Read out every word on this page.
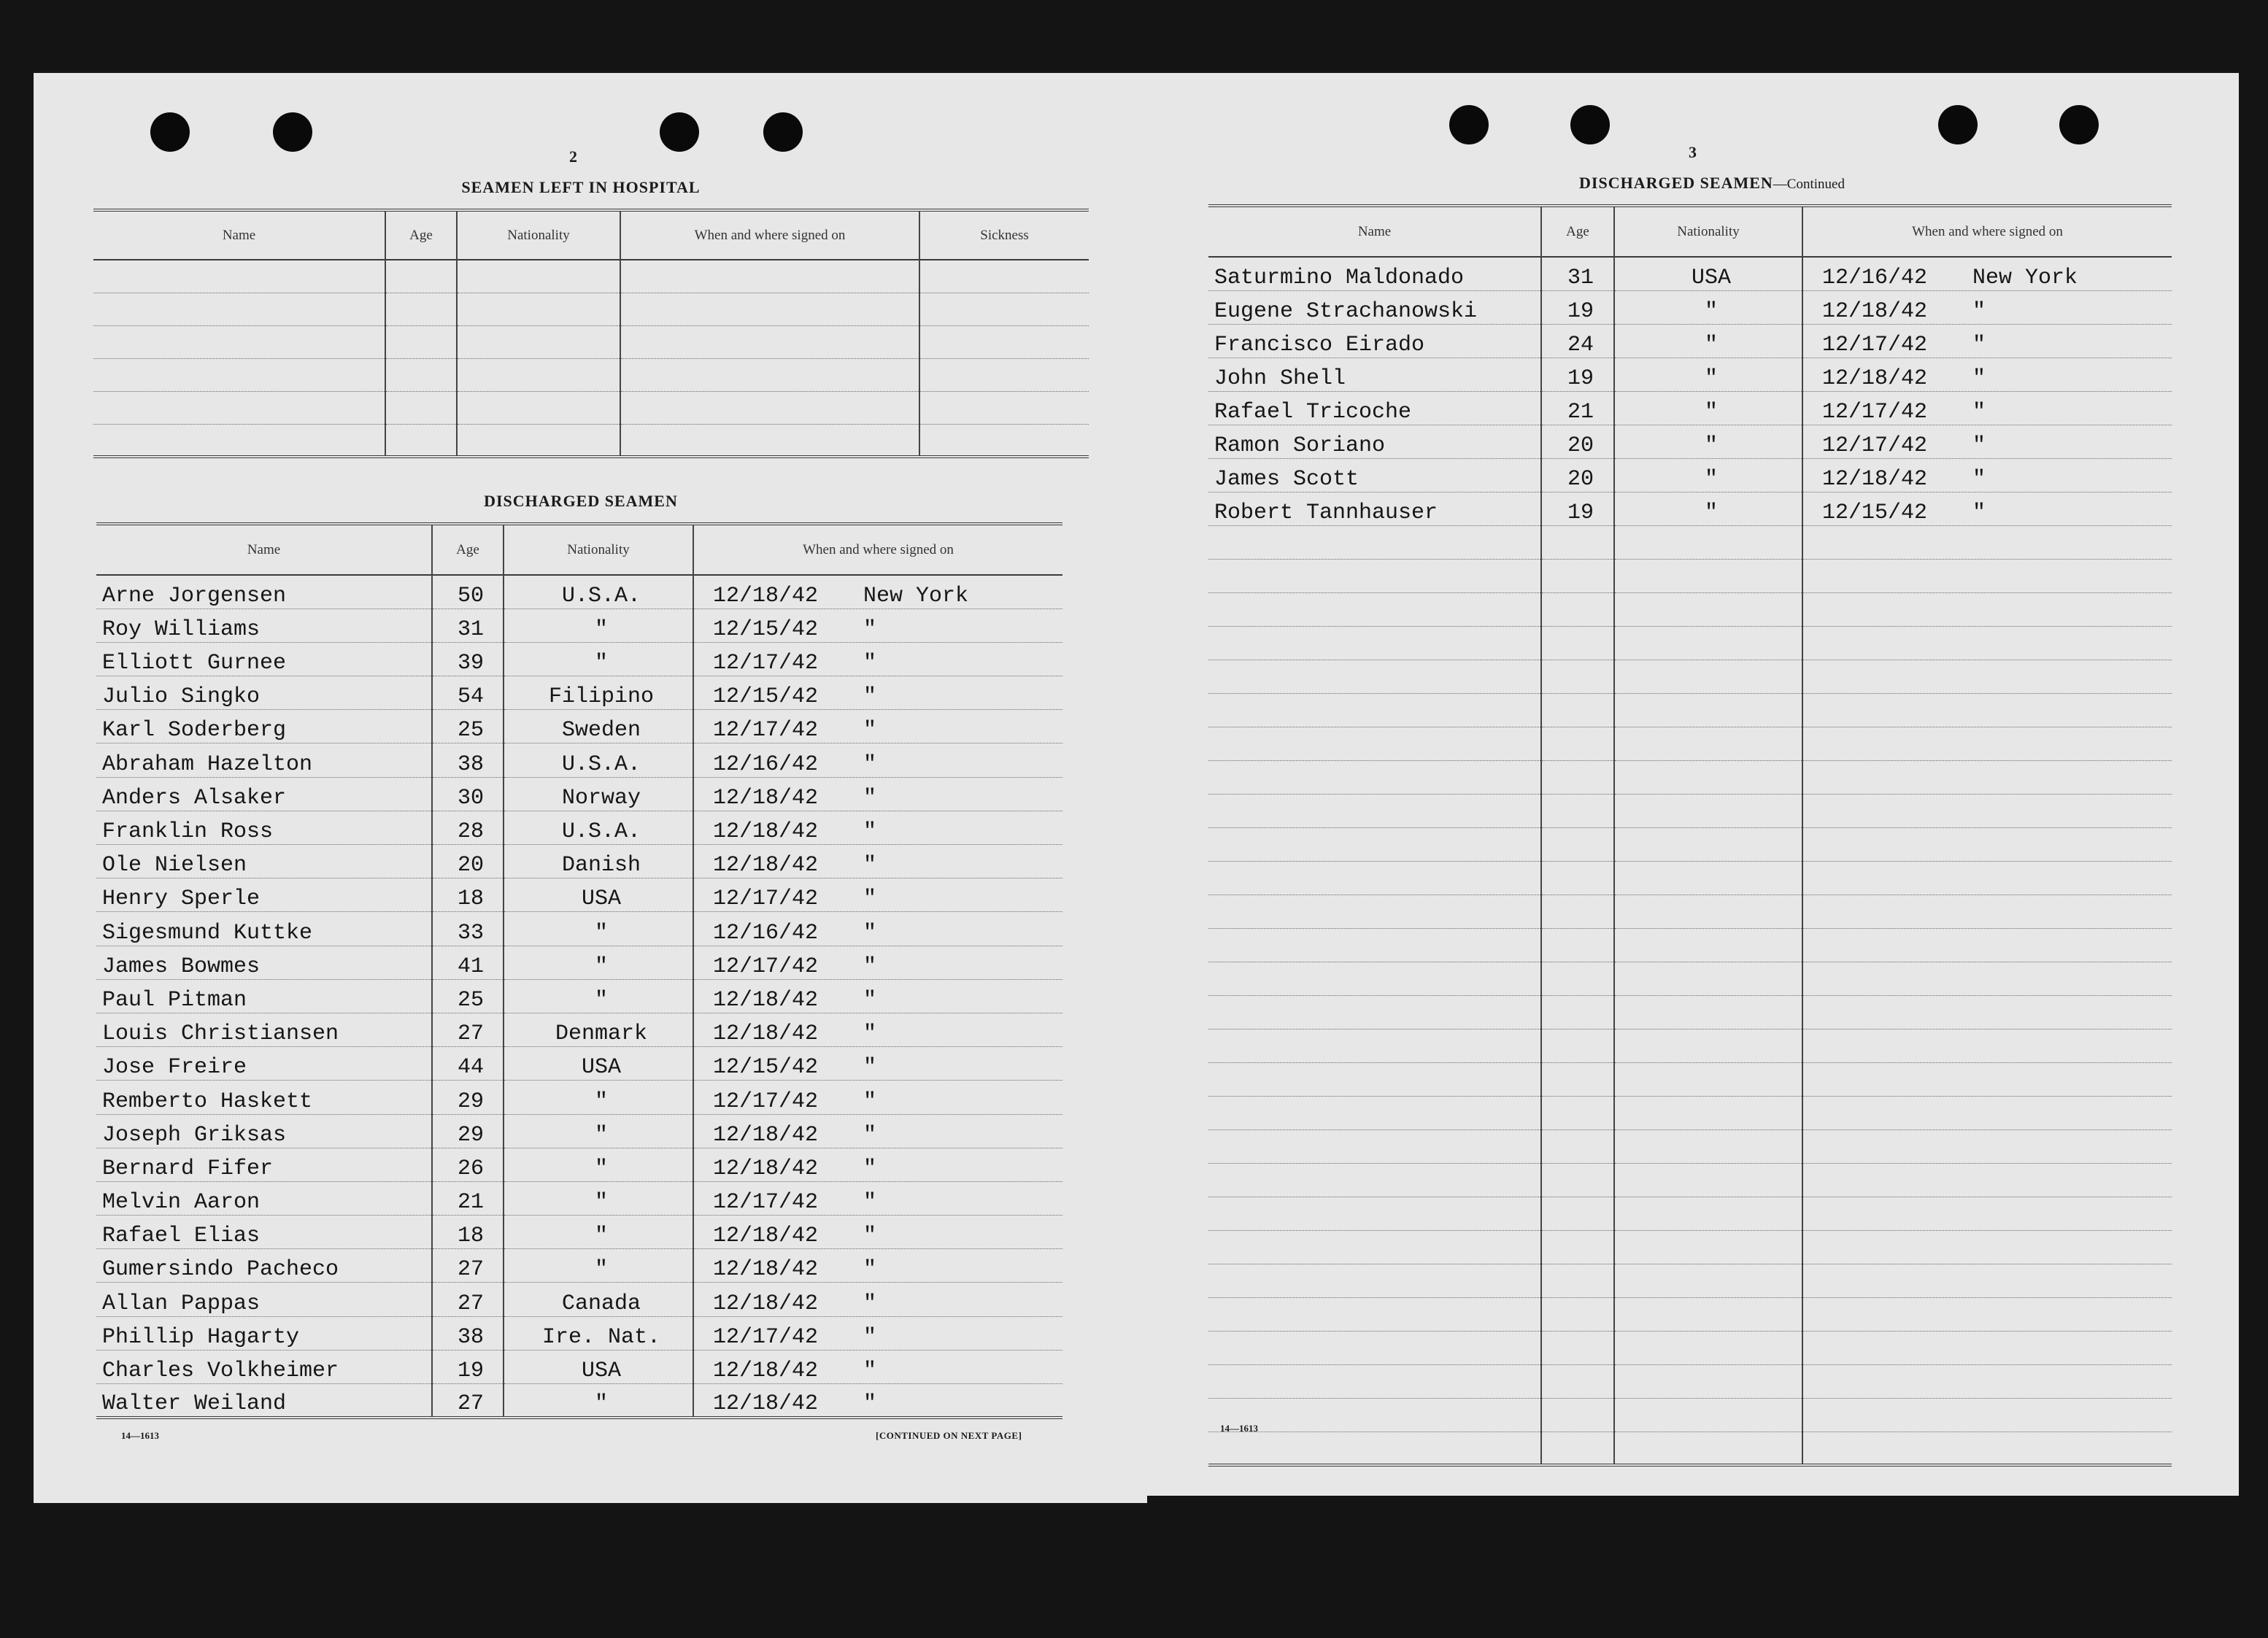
2
SEAMEN LEFT IN HOSPITAL
Name	Age	Nationality	When and where signed on	Sickness

DISCHARGED SEAMEN
Name	Age	Nationality	When and where signed on
Arne Jorgensen	50	U.S.A.	12/18/42 New York
Roy Williams	31	"	12/15/42 "
Elliott Gurnee	39	"	12/17/42 "
Julio Singko	54	Filipino	12/15/42 "
Karl Soderberg	25	Sweden	12/17/42 "
Abraham Hazelton	38	U.S.A.	12/16/42 "
Anders Alsaker	30	Norway	12/18/42 "
Franklin Ross	28	U.S.A.	12/18/42 "
Ole Nielsen	20	Danish	12/18/42 "
Henry Sperle	18	USA	12/17/42 "
Sigesmund Kuttke	33	"	12/16/42 "
James Bowmes	41	"	12/17/42 "
Paul Pitman	25	"	12/18/42 "
Louis Christiansen	27	Denmark	12/18/42 "
Jose Freire	44	USA	12/15/42 "
Remberto Haskett	29	"	12/17/42 "
Joseph Griksas	29	"	12/18/42 "
Bernard Fifer	26	"	12/18/42 "
Melvin Aaron	21	"	12/17/42 "
Rafael Elias	18	"	12/18/42 "
Gumersindo Pacheco	27	"	12/18/42 "
Allan Pappas	27	Canada	12/18/42 "
Phillip Hagarty	38	Ire. Nat.	12/17/42 "
Charles Volkheimer	19	USA	12/18/42 "
Walter Weiland	27	"	12/18/42 "
14—1613	[CONTINUED ON NEXT PAGE]
3
DISCHARGED SEAMEN—Continued
Name	Age	Nationality	When and where signed on
Saturmino Maldonado	31	USA	12/16/42 New York
Eugene Strachanowski	19	"	12/18/42 "
Francisco Eirado	24	"	12/17/42 "
John Shell	19	"	12/18/42 "
Rafael Tricoche	21	"	12/17/42 "
Ramon Soriano	20	"	12/17/42 "
James Scott	20	"	12/18/42 "
Robert Tannhauser	19	"	12/15/42 "

14—1613
